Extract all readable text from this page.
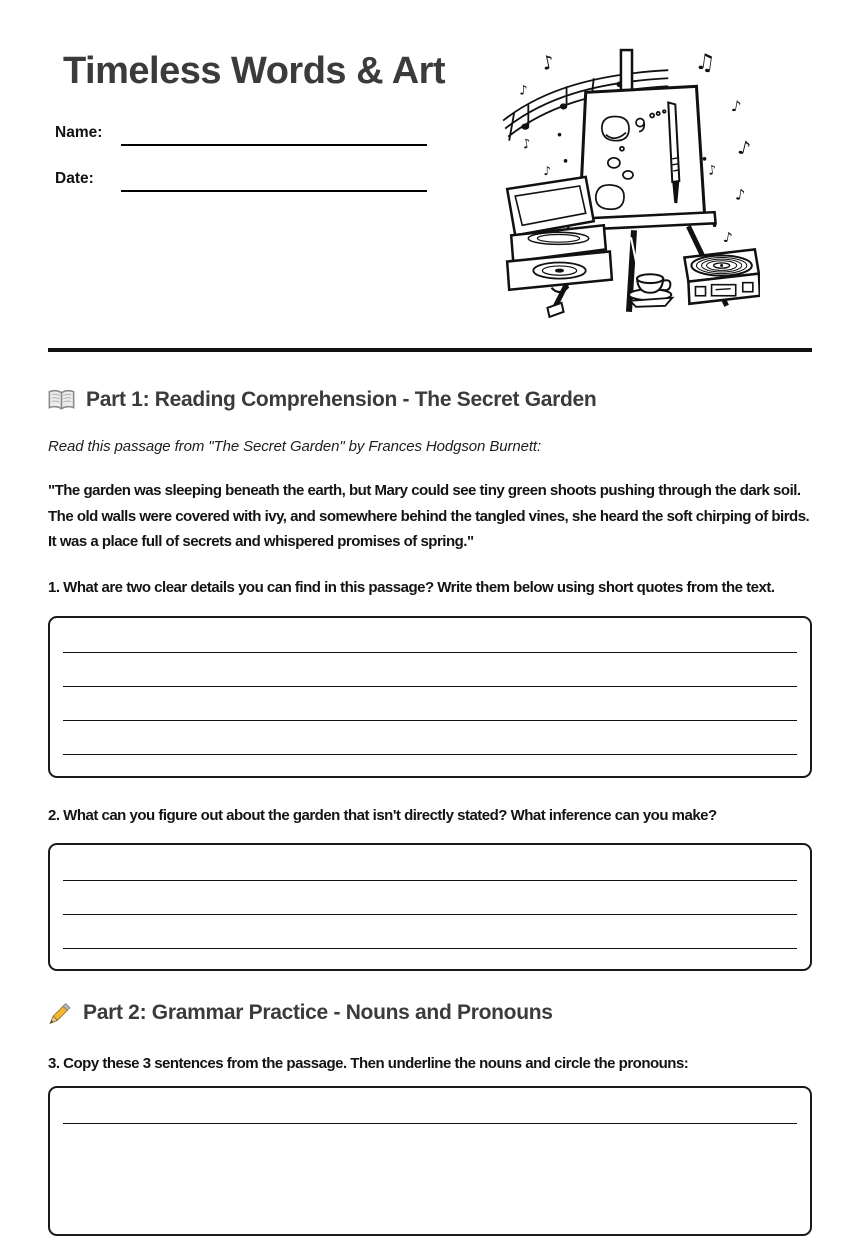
Timeless Words & Art
Name:
Date:
♪
♪
♫
♪
♪
♪
♪
♪
♪
♪
Part 1: Reading Comprehension - The Secret Garden

Read this passage from "The Secret Garden" by Frances Hodgson Burnett:

"The garden was sleeping beneath the earth, but Mary could see tiny green shoots pushing through the dark soil. The old walls were covered with ivy, and somewhere behind the tangled vines, she heard the soft chirping of birds. It was a place full of secrets and whispered promises of spring."

1. What are two clear details you can find in this passage? Write them below using short quotes from the text.

2. What can you figure out about the garden that isn't directly stated? What inference can you make?

Part 2: Grammar Practice - Nouns and Pronouns

3. Copy these 3 sentences from the passage. Then underline the nouns and circle the pronouns:
